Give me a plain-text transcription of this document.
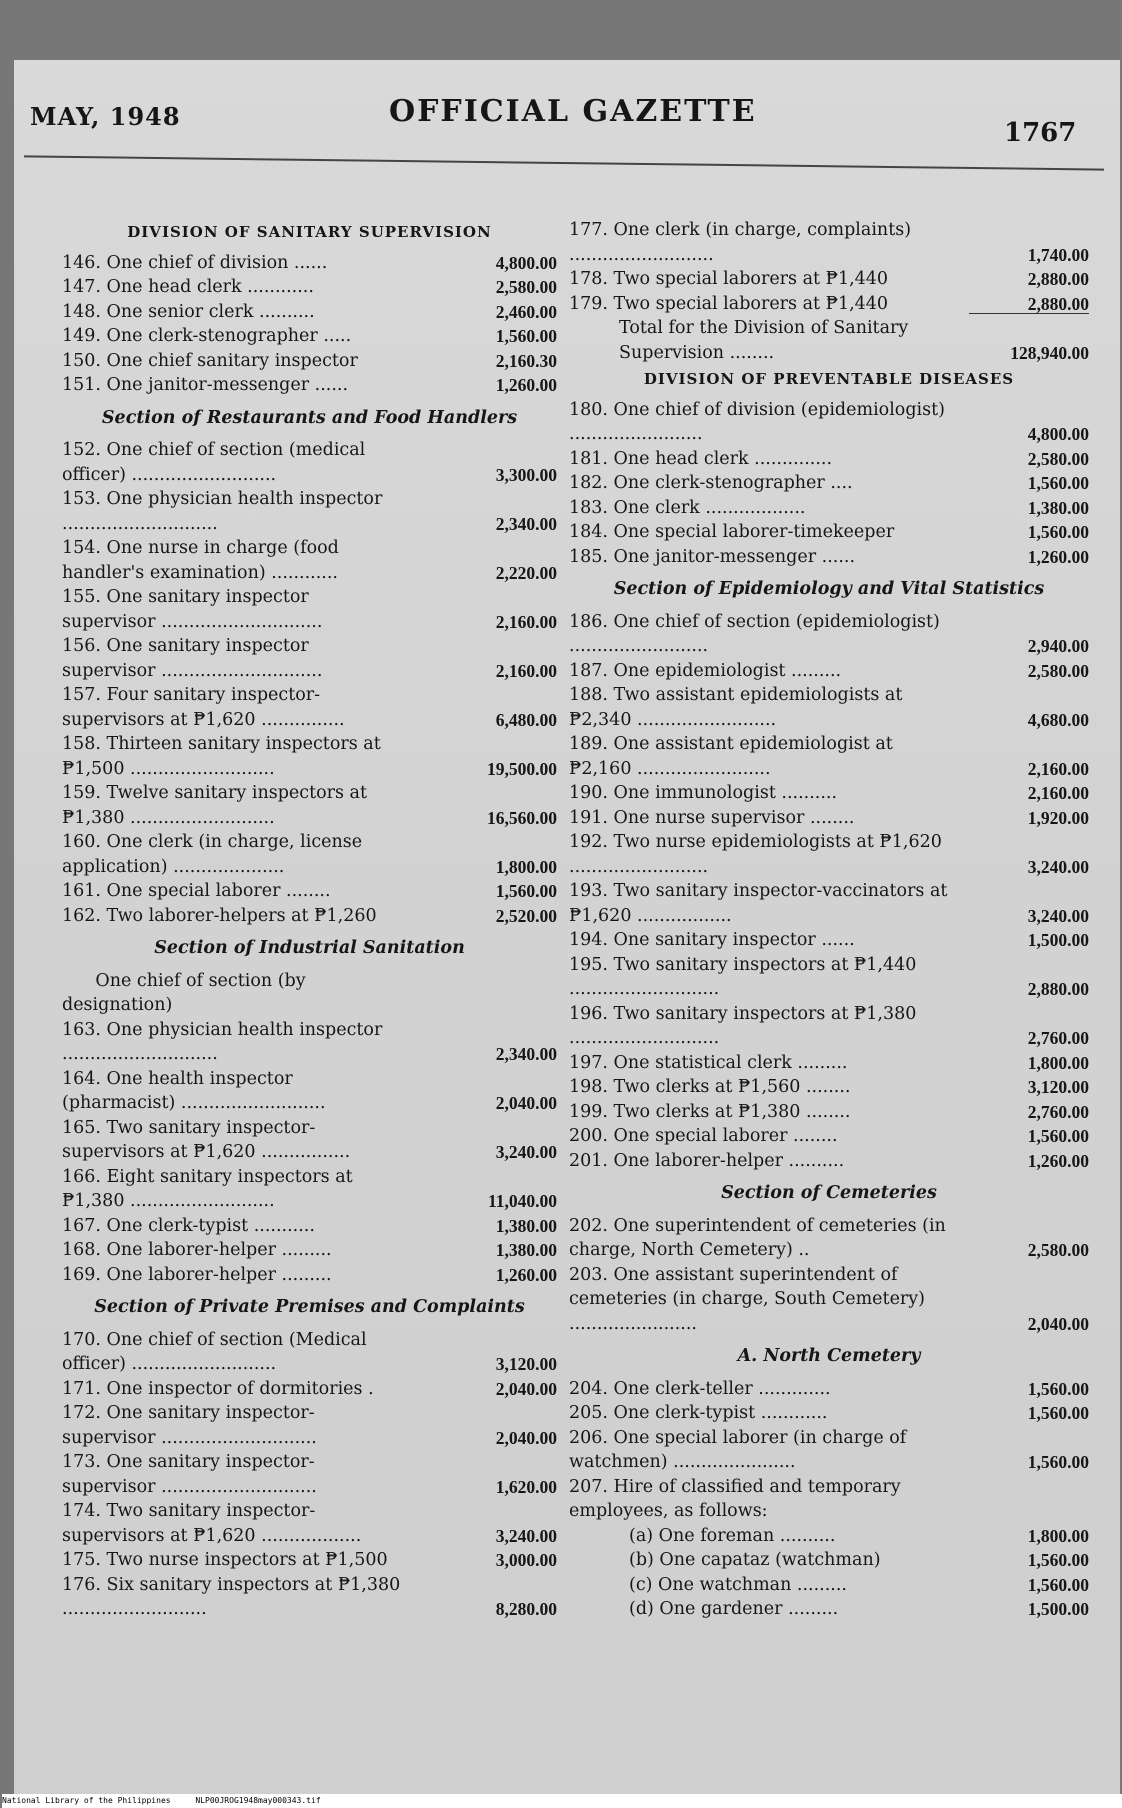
MAY, 1948	OFFICIAL GAZETTE
1767
DIVISION OF SANITARY SUPERVISION
146. One chief of division ......	4,800.00
147. One head clerk ............	2,580.00
148. One senior clerk ..........	2,460.00
149. One clerk-stenographer .....	1,560.00
150. One chief sanitary inspector	2,160.30
151. One janitor-messenger ......	1,260.00
Section of Restaurants and Food Handlers
152. One chief of section (medical officer) ..........................	3,300.00
153. One physician health inspector ............................	2,340.00
154. One nurse in charge (food handler's examination) ............	2,220.00
155. One sanitary inspector supervisor .............................	2,160.00
156. One sanitary inspector supervisor .............................	2,160.00
157. Four sanitary inspector-supervisors at ₱1,620 ...............	6,480.00
158. Thirteen sanitary inspectors at ₱1,500 ..........................	19,500.00
159. Twelve sanitary inspectors at ₱1,380 ..........................	16,560.00
160. One clerk (in charge, license application) ....................	1,800.00
161. One special laborer ........	1,560.00
162. Two laborer-helpers at ₱1,260	2,520.00
Section of Industrial Sanitation
One chief of section (by designation)
163. One physician health inspector ............................	2,340.00
164. One health inspector (pharmacist) ..........................	2,040.00
165. Two sanitary inspector-supervisors at ₱1,620 ................	3,240.00
166. Eight sanitary inspectors at ₱1,380 ..........................	11,040.00
167. One clerk-typist ...........	1,380.00
168. One laborer-helper .........	1,380.00
169. One laborer-helper .........	1,260.00
Section of Private Premises and Complaints
170. One chief of section (Medical officer) ..........................	3,120.00
171. One inspector of dormitories .	2,040.00
172. One sanitary inspector-supervisor ............................	2,040.00
173. One sanitary inspector-supervisor ............................	1,620.00
174. Two sanitary inspector-supervisors at ₱1,620 ..................	3,240.00
175. Two nurse inspectors at ₱1,500	3,000.00
176. Six sanitary inspectors at ₱1,380 ..........................	8,280.00
177. One clerk (in charge, complaints) ..........................	1,740.00
178. Two special laborers at ₱1,440	2,880.00
179. Two special laborers at ₱1,440	2,880.00
Total for the Division of Sanitary Supervision ........	128,940.00
DIVISION OF PREVENTABLE DISEASES
180. One chief of division (epidemiologist) ........................	4,800.00
181. One head clerk ..............	2,580.00
182. One clerk-stenographer ....	1,560.00
183. One clerk ..................	1,380.00
184. One special laborer-timekeeper	1,560.00
185. One janitor-messenger ......	1,260.00
Section of Epidemiology and Vital Statistics
186. One chief of section (epidemiologist) .........................	2,940.00
187. One epidemiologist .........	2,580.00
188. Two assistant epidemiologists at ₱2,340 .........................	4,680.00
189. One assistant epidemiologist at ₱2,160 ........................	2,160.00
190. One immunologist ..........	2,160.00
191. One nurse supervisor ........	1,920.00
192. Two nurse epidemiologists at ₱1,620 .........................	3,240.00
193. Two sanitary inspector-vaccinators at ₱1,620 .................	3,240.00
194. One sanitary inspector ......	1,500.00
195. Two sanitary inspectors at ₱1,440 ...........................	2,880.00
196. Two sanitary inspectors at ₱1,380 ...........................	2,760.00
197. One statistical clerk .........	1,800.00
198. Two clerks at ₱1,560 ........	3,120.00
199. Two clerks at ₱1,380 ........	2,760.00
200. One special laborer ........	1,560.00
201. One laborer-helper ..........	1,260.00
Section of Cemeteries
202. One superintendent of cemeteries (in charge, North Cemetery) ..	2,580.00
203. One assistant superintendent of cemeteries (in charge, South Cemetery) .......................	2,040.00
A. North Cemetery
204. One clerk-teller .............	1,560.00
205. One clerk-typist ............	1,560.00
206. One special laborer (in charge of watchmen) ......................	1,560.00
207. Hire of classified and temporary employees, as follows:
(a) One foreman ..........	1,800.00
(b) One capataz (watchman)	1,560.00
(c) One watchman .........	1,560.00
(d) One gardener .........	1,500.00
National Library of the Philippines	NLP00JROG1948may000343.tif
